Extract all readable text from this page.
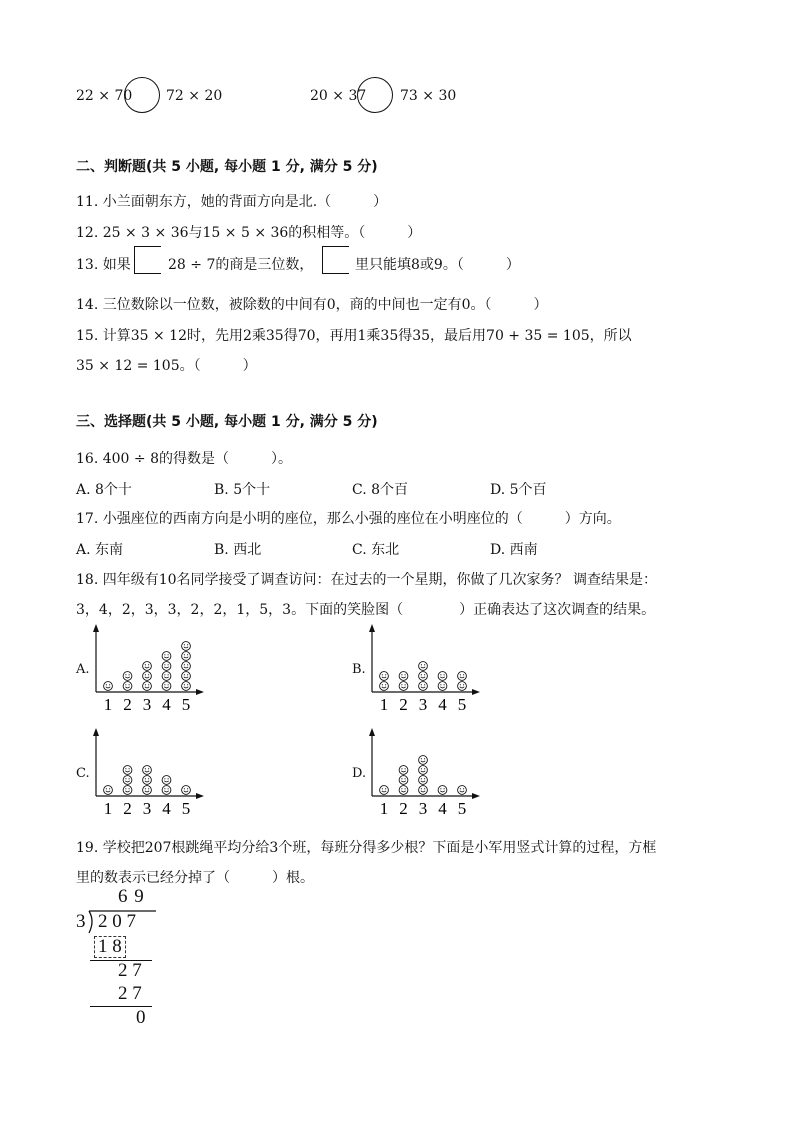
22 × 70 72 × 20	20 × 37 73 × 30
二、判断题(共 5 小题, 每小题 1 分, 满分 5 分)
11. 小兰面朝东方，她的背面方向是北.（　　　）
12. 25 × 3 × 36与15 × 5 × 36的积相等。（　　　）
13. 如果	28 ÷ 7的商是三位数，	里只能填8或9。（　　　）
14. 三位数除以一位数，被除数的中间有0，商的中间也一定有0。（　　　）
15. 计算35 × 12时，先用2乘35得70，再用1乘35得35，最后用70 + 35 = 105，所以
35 × 12 = 105。（　　　）
三、选择题(共 5 小题, 每小题 1 分, 满分 5 分)
16. 400 ÷ 8的得数是（　　　）。
A. 8个十	B. 5个十	C. 8个百	D. 5个百
17. 小强座位的西南方向是小明的座位，那么小强的座位在小明座位的（　　　）方向。
A. 东南	B. 西北	C. 东北	D. 西南
18. 四年级有10名同学接受了调查访问：在过去的一个星期，你做了几次家务？ 调查结果是：
3，4，2，3，3，2，2，1，5，3。下面的笑脸图（　　　　）正确表达了这次调查的结果。
A.	B.
C.	D.
1 2 3 4 5	1 2 3 4 5
1 2 3 4 5	1 2 3 4 5
19. 学校把207根跳绳平均分给3个班，每班分得多少根？下面是小军用竖式计算的过程，方框
里的数表示已经分掉了（　　　）根。
6 9
3 2 0 7
1 8
2 7
2 7
0
